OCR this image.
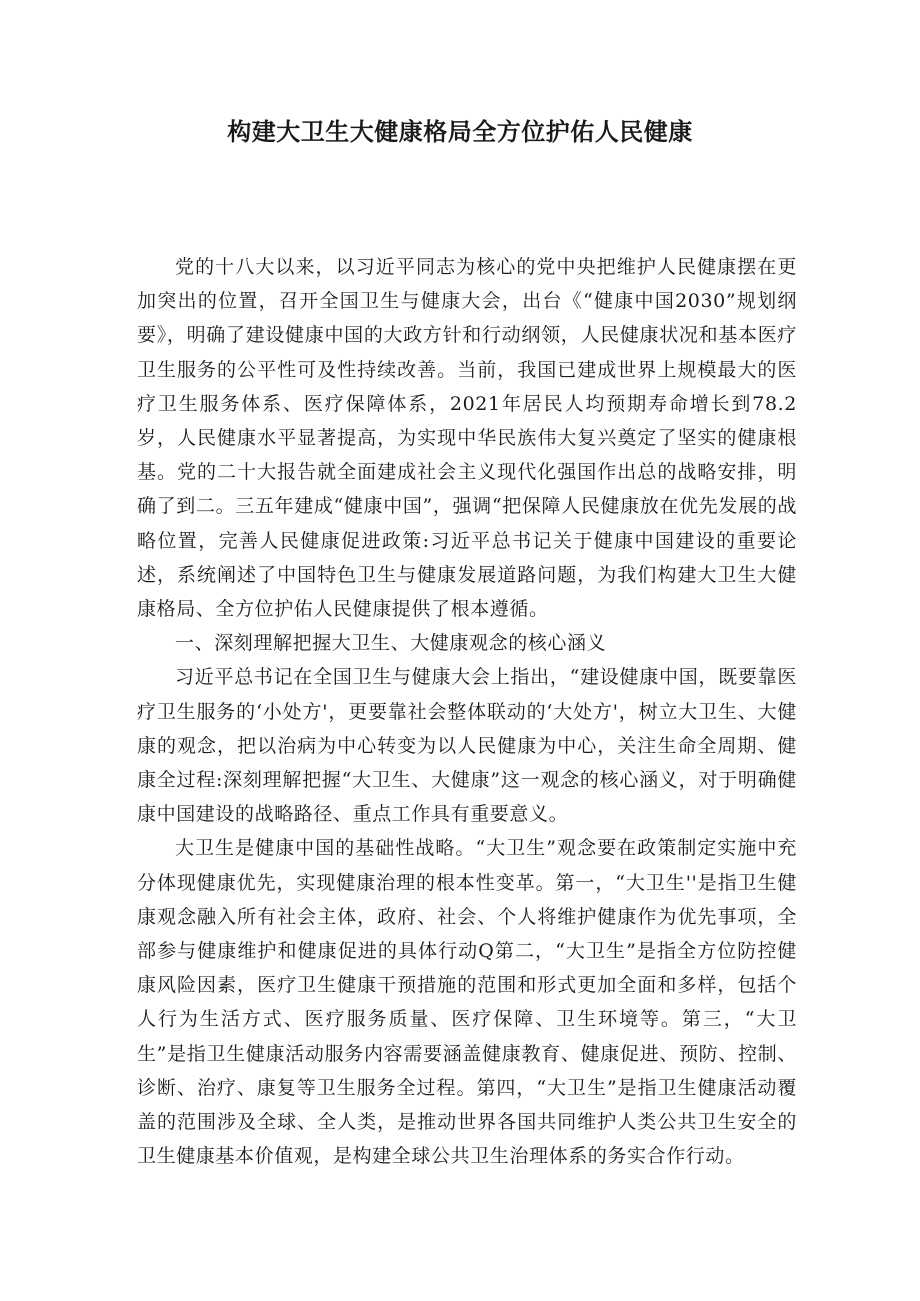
构建大卫生大健康格局全方位护佑人民健康

党的十八大以来，以习近平同志为核心的党中央把维护人民健康摆在更加突出的位置，召开全国卫生与健康大会，出台《“健康中国2030”规划纲要》，明确了建设健康中国的大政方针和行动纲领，人民健康状况和基本医疗卫生服务的公平性可及性持续改善。当前，我国已建成世界上规模最大的医疗卫生服务体系、医疗保障体系，2021年居民人均预期寿命增长到78.2岁，人民健康水平显著提高，为实现中华民族伟大复兴奠定了坚实的健康根基。党的二十大报告就全面建成社会主义现代化强国作出总的战略安排，明确了到二。三五年建成“健康中国”，强调“把保障人民健康放在优先发展的战略位置，完善人民健康促进政策:习近平总书记关于健康中国建设的重要论述，系统阐述了中国特色卫生与健康发展道路问题，为我们构建大卫生大健康格局、全方位护佑人民健康提供了根本遵循。

一、深刻理解把握大卫生、大健康观念的核心涵义

习近平总书记在全国卫生与健康大会上指出，“建设健康中国，既要靠医疗卫生服务的‘小处方'，更要靠社会整体联动的‘大处方'，树立大卫生、大健康的观念，把以治病为中心转变为以人民健康为中心，关注生命全周期、健康全过程:深刻理解把握“大卫生、大健康”这一观念的核心涵义，对于明确健康中国建设的战略路径、重点工作具有重要意义。

大卫生是健康中国的基础性战略。“大卫生”观念要在政策制定实施中充分体现健康优先，实现健康治理的根本性变革。第一，“大卫生''是指卫生健康观念融入所有社会主体，政府、社会、个人将维护健康作为优先事项，全部参与健康维护和健康促进的具体行动Q第二，“大卫生”是指全方位防控健康风险因素，医疗卫生健康干预措施的范围和形式更加全面和多样，包括个人行为生活方式、医疗服务质量、医疗保障、卫生环境等。第三，“大卫生”是指卫生健康活动服务内容需要涵盖健康教育、健康促进、预防、控制、诊断、治疗、康复等卫生服务全过程。第四，“大卫生”是指卫生健康活动覆盖的范围涉及全球、全人类，是推动世界各国共同维护人类公共卫生安全的卫生健康基本价值观，是构建全球公共卫生治理体系的务实合作行动。
